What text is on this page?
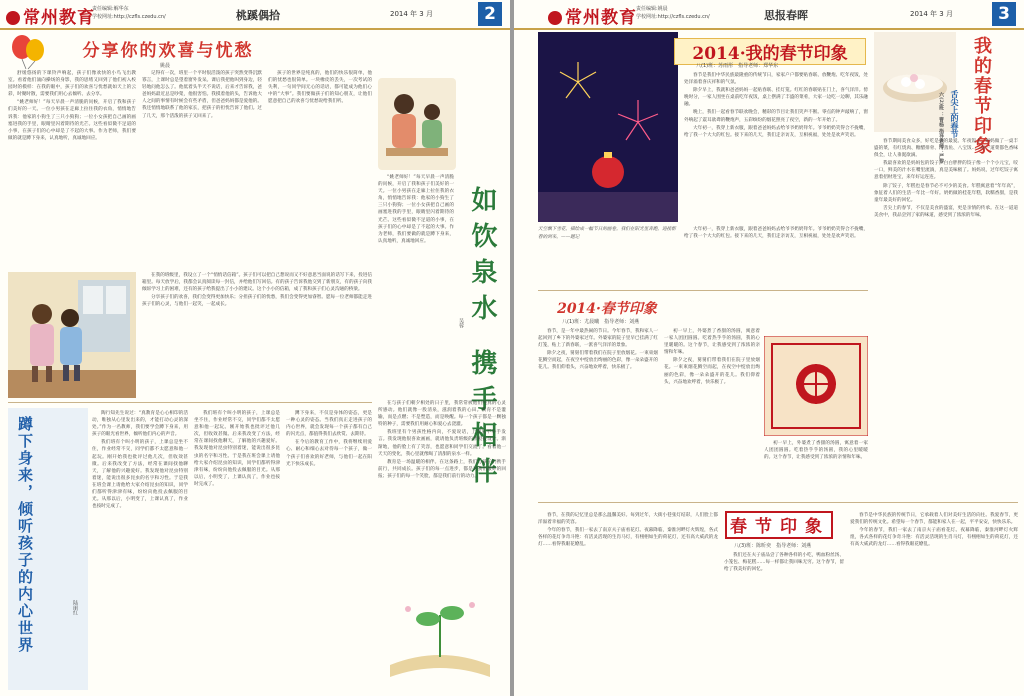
常州教育
责任编辑:解华东
学校网址:http://czfls.czedu.cn/	桃蹊偶拾	2014 年 3 月	2
分享你的欢喜与忧愁
姚晨

舒缓悠扬的下课铃声响起，孩子们像欢快的小鸟飞出教室。看着他们涌向操场的身影，我的思绪又回到了他们初入校园时的模样：在我的眼中，孩子们的欢喜与忧愁就如天上的云彩，时聚时散，需要我们用心去倾听、去分享。

“姚老师好！”每天早晨一声清脆的问候，开启了我和孩子们美好的一天。一位小男孩在走廊上拉住我的衣角，悄悄地告诉我：他家的小狗生了三只小狗狗；一位小女孩把自己画的画塞进我的手里，眼睛里闪着期待的光芒。这些看似微不足道的小事，在孩子们的心中却是了不起的大事。作为老师，我们要做的就是蹲下身来，认真地听，真诚地回应。

记得有一次，班里一个平时很活泼的孩子突然变得沉默寡言，上课时总是望着窗外发呆。课后我把他叫到身边，轻轻地问他怎么了。他低着头半天不说话，后来才告诉我，爸爸妈妈最近总是吵架，他很害怕。我摸着他的头，告诉他大人之间的事情有时候会有些矛盾，但爸爸妈妈都是爱他的。我还悄悄地联系了他的家长，把孩子的担忧告诉了他们。过了几天，那个活泼的孩子又回来了。

孩子的世界是纯真的，他们的快乐很简单，他们的忧愁也很简单。一块橡皮的丢失，一次考试的失利，一句同学间无心的话语，都可能成为他们心中的“大事”。我们要做孩子们的知心朋友，让他们愿意把自己的欢喜与忧愁说给我们听。

在我的班级里，我设立了一个“悄悄话信箱”。孩子们可以把自己想说而又不好意思当面说的话写下来，投进信箱里。每天放学后，我都会认真阅读每一封信，并给他们写回信。有的孩子告诉我他交到了新朋友，有的孩子向我倾诉学习上的困难，还有的孩子给我提出了小小的建议。这个小小的信箱，成了我和孩子们心灵沟通的桥梁。

分享孩子们的欢喜，我们会变得更加快乐；分担孩子们的忧愁，我们会变得更加睿智。愿每一位老师都能走进孩子们的心灵，与他们一起笑，一起成长。

“姚老师好！”每天早晨一声清脆的问候，开启了我和孩子们美好的一天。一位小男孩在走廊上拉住我的衣角，悄悄地告诉我：他家的小狗生了三只小狗狗；一位小女孩把自己画的画塞进我的手里，眼睛里闪着期待的光芒。这些看似微不足道的小事，在孩子们的心中却是了不起的大事。作为老师，我们要做的就是蹲下身来，认真地听，真诚地回应。	如饮泉水 携手相伴
吴蓉

在与孩子们朝夕相处的日子里，我常常被他们纯真的心灵所感动。他们就像一股清泉，滋润着我的心田。教育不是灌输，而是点燃；不是塑造，而是唤醒。每一个孩子都是一颗独特的种子，需要我们用耐心和爱心去浇灌。

我班里有个男孩性格内向，不爱说话，上课从不举手发言。我发现他很喜欢画画，就请他负责班级的黑板报设计。渐渐地，他的脸上有了笑容，也愿意和同学们交流了。看着他一天天的变化，我心里就像喝了清甜的泉水一样。

教育是一场温暖的相伴。在这条路上，我们与孩子们携手前行，共同成长。孩子们的每一点进步，都是对我们最好的回报；孩子们的每一个笑脸，都是我们前行的动力。

蹲下身来，倾听孩子的内心世界	陆丽红

陶行知先生说过：“真教育是心心相印的活动，唯独从心里发出来的，才能打动心灵的深处。”作为一名教师，我们要学会蹲下身来，用孩子的眼光看世界，倾听他们内心的声音。

我们班有个叫小明的孩子，上课总是坐不住，作业经常不交，同学们都不太愿意和他一起玩。刚开始我也批评过他几次，但收效甚微。后来我改变了方法，经常在课间找他聊天，了解他的兴趣爱好。我发现他对昆虫特别着迷，能说出很多昆虫的名字和习性。于是我在班会课上请他给大家介绍昆虫的知识，同学们都听得津津有味，纷纷向他投去佩服的目光。从那以后，小明变了，上课认真了，作业也按时完成了。

我们班有个叫小明的孩子，上课总是坐不住，作业经常不交，同学们都不太愿意和他一起玩。刚开始我也批评过他几次，但收效甚微。后来我改变了方法，经常在课间找他聊天，了解他的兴趣爱好。我发现他对昆虫特别着迷，能说出很多昆虫的名字和习性。于是我在班会课上请他给大家介绍昆虫的知识，同学们都听得津津有味，纷纷向他投去佩服的目光。从那以后，小明变了，上课认真了，作业也按时完成了。

蹲下身来，不仅是身体的姿态，更是一种心灵的姿态。当我们真正走进孩子的内心世界，就会发现每一个孩子都有自己的闪光点，都值得我们去欣赏、去期待。

在今后的教育工作中，我将继续用爱心、耐心和细心去对待每一个孩子，做一个孩子们喜欢的好老师，与他们一起在阳光下快乐成长。

常州教育 责任编辑:姚晨
学校网址:http://czfls.czedu.cn/	思报春晖	2014 年 3 月	3
2014·我的春节印象
八(1)班：苏雨彤　指导老师：郑华东

春节是我们中华民族最隆重的传统节日，家家户户都要贴春联、放鞭炮、吃年夜饭，处处洋溢着喜庆祥和的气氛。

除夕早上，我就和爸爸妈妈一起贴春联、挂灯笼。红红的春联贴在门上，喜气洋洋。傍晚时分，一家人围坐在桌前吃年夜饭，桌上摆满了丰盛的菜肴，大家一边吃一边聊，其乐融融。

晚上，我们一起看春节联欢晚会，精彩的节目让我们笑声不断。零点的钟声敲响了，窗外响起了震耳欲聋的鞭炮声，五彩缤纷的烟花照亮了夜空，新的一年开始了。

大年初一，我穿上新衣服，跟着爸爸妈妈去给爷爷奶奶拜年。爷爷奶奶笑得合不拢嘴，给了我一个大大的红包。接下来的几天，我们走亲访友，互相祝福，处处是欢声笑语。

天空飘下雪花，描绘成一幅节日的画卷。我们在阳光里奔跑，迎接新春的到来。——题记

大年初一，我穿上新衣服，跟着爸爸妈妈去给爷爷奶奶拜年。爷爷奶奶笑得合不拢嘴，给了我一个大大的红包。接下来的几天，我们走亲访友，互相祝福，处处是欢声笑语。

2014·春节印象
八(1)班：尤晨曦　指导老师：刘燕

春节，是一年中最热闹的节日。今年春节，我和家人一起回到了乡下的外婆家过年。外婆家的院子里早已挂满了红灯笼，贴上了新春联，一派喜气洋洋的景象。

除夕之夜，舅舅们带着我们在院子里放烟花。一束束烟花腾空而起，在夜空中绽放出绚丽的色彩，像一朵朵盛开的花儿。我们仰着头，兴奋地欢呼着，快乐极了。

初一早上，外婆煮了香甜的汤圆，寓意着一家人团团圆圆。吃着热乎乎的汤圆，我的心里暖暖的。这个春节，让我感受到了浓浓的亲情和年味。

除夕之夜，舅舅们带着我们在院子里放烟花。一束束烟花腾空而起，在夜空中绽放出绚丽的色彩，像一朵朵盛开的花儿。我们仰着头，兴奋地欢呼着，快乐极了。

初一早上，外婆煮了香甜的汤圆，寓意着一家人团团圆圆。吃着热乎乎的汤圆，我的心里暖暖的。这个春节，让我感受到了浓浓的亲情和年味。

我的春节印象
舌尖上的春节
六(2)班 ：曹杨 指导老师：严黎

春节期间美食众多，好吃是我的最爱。年夜饭上，妈妈做了一桌丰盛的菜，有红烧肉、糖醋排骨、清蒸鱼、八宝饭……每一道菜都色香味俱全，让人垂涎欲滴。

我最喜欢的是妈妈包的饺子。白白胖胖的饺子像一个个小元宝，咬一口，鲜美的汁水在嘴里流淌，真是美味极了。妈妈说，过年吃饺子寓意着招财进宝，来年好运连连。

除了饺子，年糕也是春节必不可少的美食。年糕寓意着“年年高”，象征着人们的生活一年比一年好。奶奶做的桂花年糕，软糯香甜，是我童年最美好的回忆。

舌尖上的春节，不仅是美食的盛宴，更是亲情的传承。在这一道道美食中，我品尝到了家的味道，感受到了浓浓的年味。

春节印象
八(3)班：陈昕奕　指导老师：刘燕

春节，在我的记忆里总是那么温馨美好。每到过年，大街小巷张灯结彩，人们脸上都洋溢着幸福的笑容。

今年的春节，我们一家去了南京夫子庙看花灯。夜幕降临，秦淮河畔灯火辉煌，各式各样的花灯争奇斗艳：有活灵活现的生肖马灯，有栩栩如生的荷花灯，还有高大威武的龙灯……看得我眼花缭乱。

我们还在夫子庙品尝了各种各样的小吃，鸭血粉丝汤、小笼包、梅花糕……每一样都让我回味无穷。这个春节，留给了我美好的回忆。

春节是中华民族的传统节日，它承载着人们对美好生活的向往。我爱春节，更爱我们的传统文化。希望每一个春节，都能和家人在一起，平平安安，快快乐乐。

今年的春节，我们一家去了南京夫子庙看花灯。夜幕降临，秦淮河畔灯火辉煌，各式各样的花灯争奇斗艳：有活灵活现的生肖马灯，有栩栩如生的荷花灯，还有高大威武的龙灯……看得我眼花缭乱。
